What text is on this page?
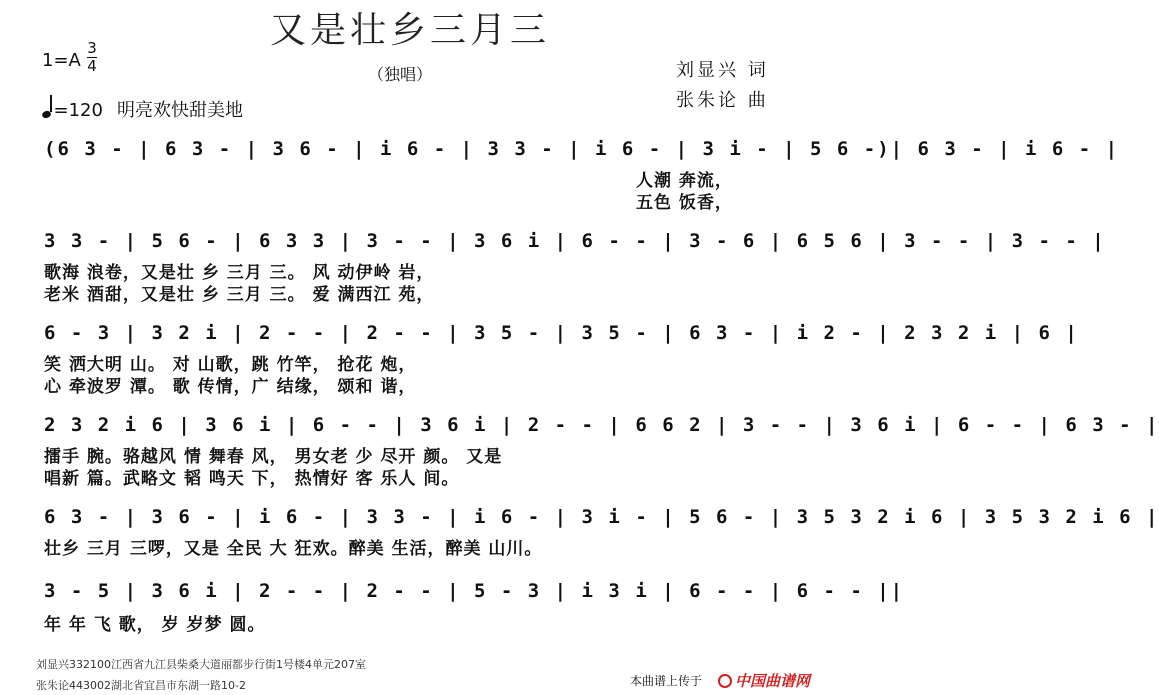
又是壮乡三月三
1=A
3
4	（独唱）	刘显兴 词
张朱论 曲
=120 明亮欢快甜美地
(6 3 - | 6 3 - | 3 6 - | i 6 - | 3 3 - | i 6 - | 3 i - | 5 6 -)| 6 3 - | i 6 - |
人潮 奔流，
五色 饭香，
3 3 - | 5 6 - | 6 3 3 | 3 - - | 3 6 i | 6 - - | 3 - 6 | 6 5 6 | 3 - - | 3 - - |
歌海 浪卷，又是壮 乡 三月 三。 风 动伊岭 岩，
老米 酒甜，又是壮 乡 三月 三。 爱 满西江 苑，
6 - 3 | 3 2 i | 2 - - | 2 - - | 3 5 - | 3 5 - | 6 3 - | i 2 - | 2 3 2 i | 6 |
笑 洒大明 山。 对 山歌，跳 竹竿， 抢花 炮，
心 牵波罗 潭。 歌 传情，广 结缘， 颂和 谐，
2 3 2 i 6 | 3 6 i | 6 - - | 3 6 i | 2 - - | 6 6 2 | 3 - - | 3 6 i | 6 - - | 6 3 - |
擂手 腕。骆越风 情 舞春 风， 男女老 少 尽开 颜。 又是
唱新 篇。武略文 韬 鸣天 下， 热情好 客 乐人 间。
6 3 - | 3 6 - | i 6 - | 3 3 - | i 6 - | 3 i - | 5 6 - | 3 5 3 2 i 6 | 3 5 3 2 i 6 |
壮乡 三月 三啰，又是 全民 大 狂欢。醉美 生活，醉美 山川。
3 - 5 | 3 6 i | 2 - - | 2 - - | 5 - 3 | i 3 i | 6 - - | 6 - - ||
年 年 飞 歌， 岁 岁梦 圆。
刘显兴332100江西省九江县柴桑大道丽都步行街1号楼4单元207室
张朱论443002湖北省宜昌市东湖一路10-2	本曲谱上传于	中国曲谱网
